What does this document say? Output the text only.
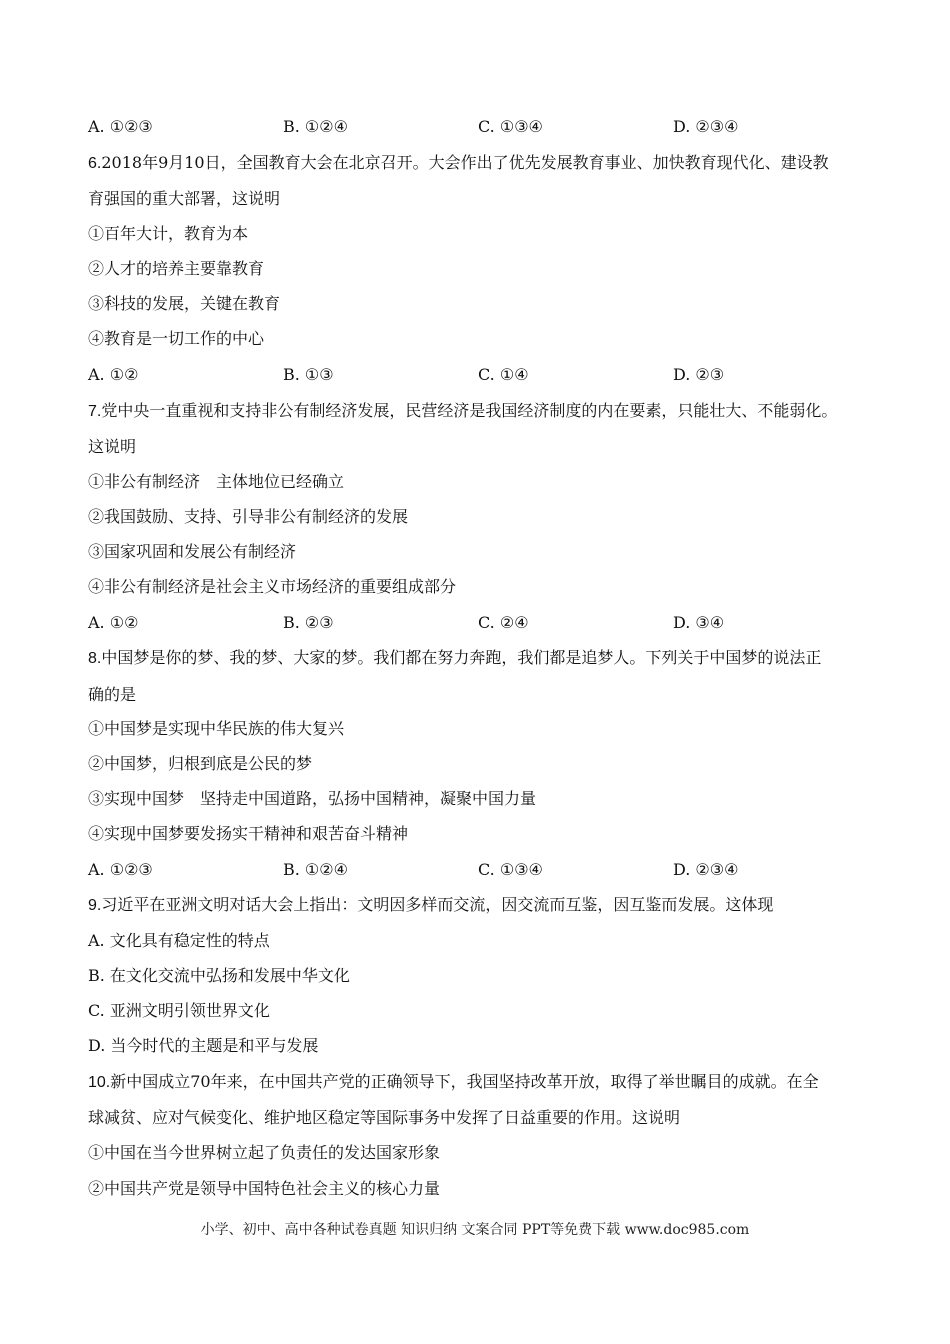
A. ①②③	B. ①②④	C. ①③④	D. ②③④
6.2018年9月10日，全国教育大会在北京召开。大会作出了优先发展教育事业、加快教育现代化、建设教
育强国的重大部署，这说明
①百年大计，教育为本
②人才的培养主要靠教育
③科技的发展，关键在教育
④教育是一切工作的中心
A. ①②	B. ①③	C. ①④	D. ②③
7.党中央一直重视和支持非公有制经济发展，民营经济是我国经济制度的内在要素，只能壮大、不能弱化。
这说明
①非公有制经济　主体地位已经确立
②我国鼓励、支持、引导非公有制经济的发展
③国家巩固和发展公有制经济
④非公有制经济是社会主义市场经济的重要组成部分
A. ①②	B. ②③	C. ②④	D. ③④
8.中国梦是你的梦、我的梦、大家的梦。我们都在努力奔跑，我们都是追梦人。下列关于中国梦的说法正
确的是
①中国梦是实现中华民族的伟大复兴
②中国梦，归根到底是公民的梦
③实现中国梦　坚持走中国道路，弘扬中国精神，凝聚中国力量
④实现中国梦要发扬实干精神和艰苦奋斗精神
A. ①②③	B. ①②④	C. ①③④	D. ②③④
9.习近平在亚洲文明对话大会上指出：文明因多样而交流，因交流而互鉴，因互鉴而发展。这体现
A. 文化具有稳定性的特点
B. 在文化交流中弘扬和发展中华文化
C. 亚洲文明引领世界文化
D. 当今时代的主题是和平与发展
10.新中国成立70年来，在中国共产党的正确领导下，我国坚持改革开放，取得了举世瞩目的成就。在全
球减贫、应对气候变化、维护地区稳定等国际事务中发挥了日益重要的作用。这说明
①中国在当今世界树立起了负责任的发达国家形象
②中国共产党是领导中国特色社会主义的核心力量
小学、初中、高中各种试卷真题 知识归纳 文案合同 PPT等免费下载 www.doc985.com
